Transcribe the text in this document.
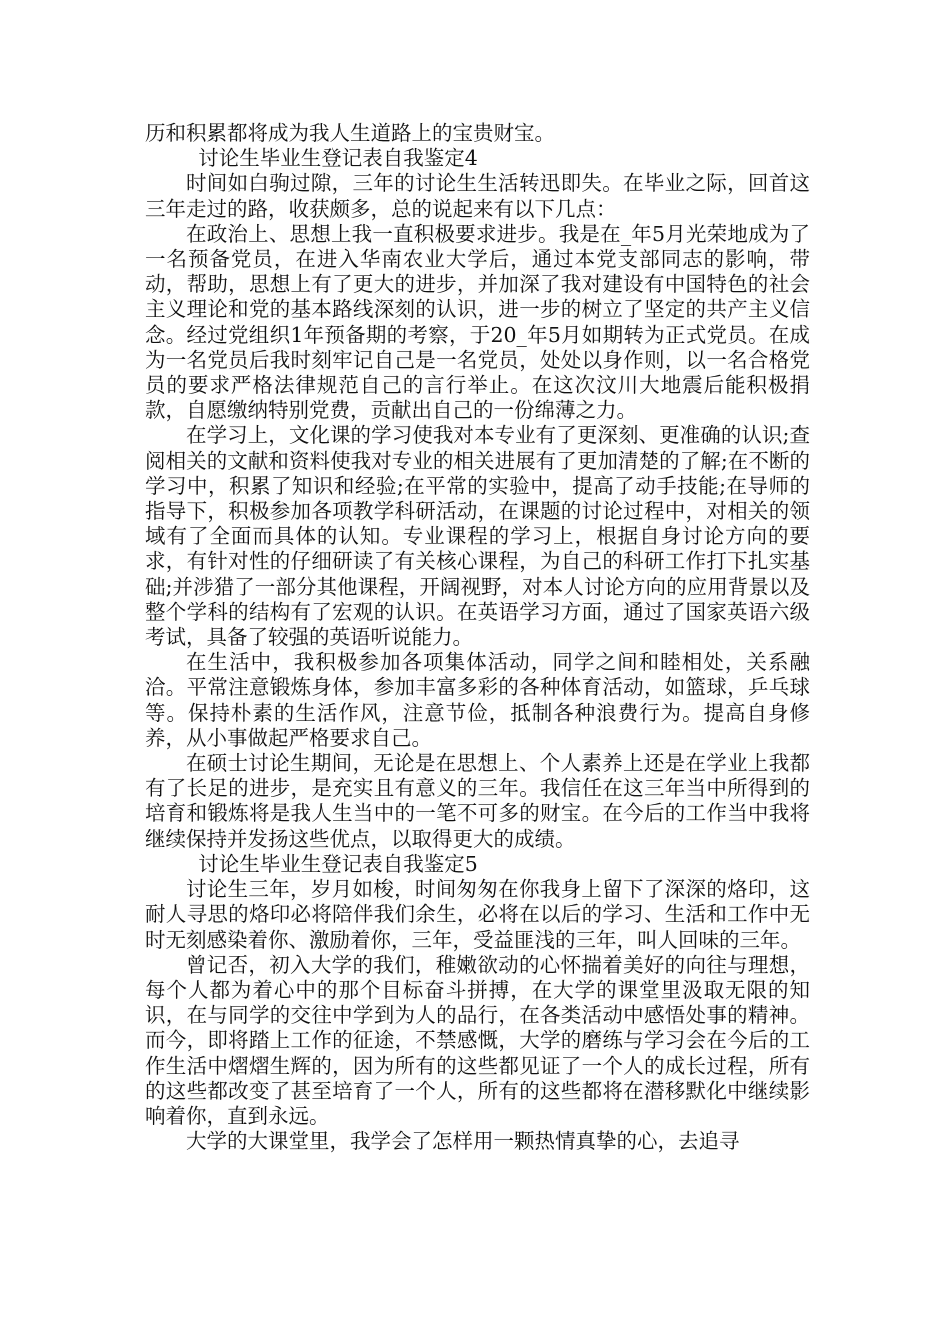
历和积累都将成为我人生道路上的宝贵财宝。

讨论生毕业生登记表自我鉴定4

时间如白驹过隙，三年的讨论生生活转迅即失。在毕业之际，回首这三年走过的路，收获颇多，总的说起来有以下几点：

在政治上、思想上我一直积极要求进步。我是在_年5月光荣地成为了一名预备党员，在进入华南农业大学后，通过本党支部同志的影响，带动，帮助，思想上有了更大的进步，并加深了我对建设有中国特色的社会主义理论和党的基本路线深刻的认识，进一步的树立了坚定的共产主义信念。经过党组织1年预备期的考察，于20_年5月如期转为正式党员。在成为一名党员后我时刻牢记自己是一名党员，处处以身作则，以一名合格党员的要求严格法律规范自己的言行举止。在这次汶川大地震后能积极捐款，自愿缴纳特别党费，贡献出自己的一份绵薄之力。

在学习上，文化课的学习使我对本专业有了更深刻、更准确的认识;查阅相关的文献和资料使我对专业的相关进展有了更加清楚的了解;在不断的学习中，积累了知识和经验;在平常的实验中，提高了动手技能;在导师的指导下，积极参加各项教学科研活动，在课题的讨论过程中，对相关的领域有了全面而具体的认知。专业课程的学习上，根据自身讨论方向的要求，有针对性的仔细研读了有关核心课程，为自己的科研工作打下扎实基础;并涉猎了一部分其他课程，开阔视野，对本人讨论方向的应用背景以及整个学科的结构有了宏观的认识。在英语学习方面，通过了国家英语六级考试，具备了较强的英语听说能力。

在生活中，我积极参加各项集体活动，同学之间和睦相处，关系融洽。平常注意锻炼身体，参加丰富多彩的各种体育活动，如篮球，乒乓球等。保持朴素的生活作风，注意节俭，抵制各种浪费行为。提高自身修养，从小事做起严格要求自己。

在硕士讨论生期间，无论是在思想上、个人素养上还是在学业上我都有了长足的进步，是充实且有意义的三年。我信任在这三年当中所得到的培育和锻炼将是我人生当中的一笔不可多的财宝。在今后的工作当中我将继续保持并发扬这些优点，以取得更大的成绩。

讨论生毕业生登记表自我鉴定5

讨论生三年，岁月如梭，时间匆匆在你我身上留下了深深的烙印，这耐人寻思的烙印必将陪伴我们余生，必将在以后的学习、生活和工作中无时无刻感染着你、激励着你，三年，受益匪浅的三年，叫人回味的三年。

曾记否，初入大学的我们，稚嫩欲动的心怀揣着美好的向往与理想，每个人都为着心中的那个目标奋斗拼搏，在大学的课堂里汲取无限的知识，在与同学的交往中学到为人的品行，在各类活动中感悟处事的精神。而今，即将踏上工作的征途，不禁感慨，大学的磨练与学习会在今后的工作生活中熠熠生辉的，因为所有的这些都见证了一个人的成长过程，所有的这些都改变了甚至培育了一个人，所有的这些都将在潜移默化中继续影响着你，直到永远。

大学的大课堂里，我学会了怎样用一颗热情真挚的心，去追寻
